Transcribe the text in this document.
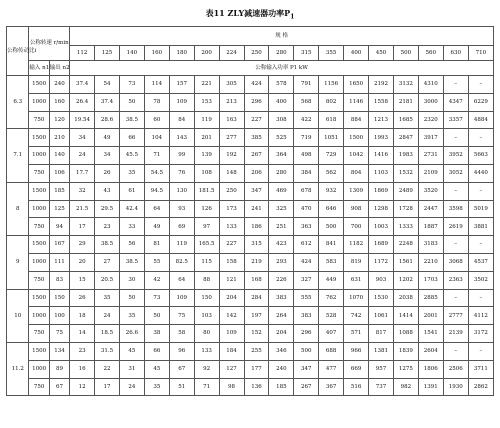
表11 ZLY减速器功率$P_1$
公称传动比i	公称转速 r/min		规 格																
			112	125	140	160	180	200	224	250	280	315	355	400	450	500	560	630	710
	输入 n1	输出 n2	公称输入功率 P1 kW																
6.3	1500	240	37.4	54	73	114	157	221	305	424	578	791	1156	1650	2192	3132	4310	–	–
	1000	160	26.4	37.4	50	78	109	153	213	296	400	568	802	1146	1558	2181	3000	4347	6229
	750	120	19.54	28.6	38.5	60	84	119	163	227	308	422	618	884	1213	1685	2320	3357	4884
7.1	1500	210	34	49	66	104	143	201	277	385	525	719	1051	1500	1993	2847	3917	–	–
	1000	140	24	34	45.5	71	99	139	192	267	364	498	729	1042	1416	1983	2731	3952	5663
	750	106	17.7	26	35	54.5	76	108	148	206	280	384	562	804	1103	1532	2109	3052	4440
8	1500	185	32	43	61	94.5	130	181.5	250	347	469	678	932	1309	1869	2489	3520	–	–
	1000	125	21.5	29.5	42.4	64	93	126	173	241	325	470	646	908	1298	1728	2447	3598	5019
	750	94	17	23	33	49	69	97	133	186	251	363	500	700	1003	1333	1887	2619	3881
9	1500	167	29	38.5	56	81	119	165.5	227	315	423	612	841	1182	1689	2248	3183	–	–
	1000	111	20	27	38.5	55	82.5	115	158	219	293	424	583	819	1172	1561	2210	3068	4537
	750	83	15	20.5	30	42	64	88	121	168	226	327	449	631	903	1202	1703	2363	3502
10	1500	150	26	35	50	73	109	150	204	284	383	555	762	1070	1530	2038	2885	–	–
	1000	100	18	24	35	50	75	103	142	197	264	383	528	742	1061	1414	2001	2777	4112
	750	75	14	18.5	26.6	38	58	80	109	152	204	296	407	571	817	1088	1541	2139	3172
11.2	1500	134	23	31.5	45	66	96	133	184	255	346	500	688	966	1381	1839	2604	–	–
	1000	89	16	22	31	45	67	92	127	177	240	347	477	669	957	1275	1806	2506	3711
	750	67	12	17	24	35	51	71	98	136	185	267	367	516	737	982	1391	1930	2862
